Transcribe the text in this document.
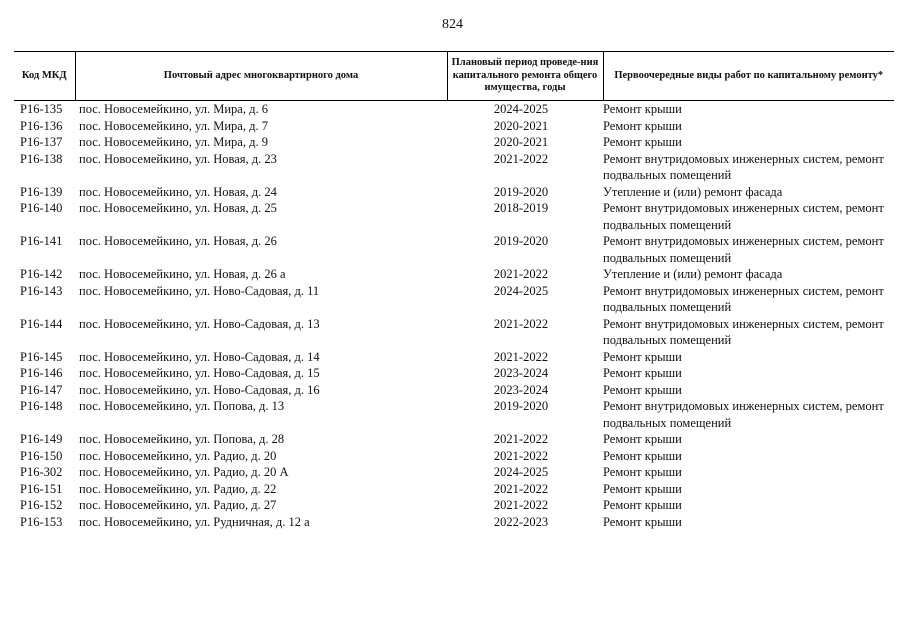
824
Код МКД	Почтовый адрес многоквартирного дома	Плановый период проведе-ния капитального ремонта общего имущества, годы	Первоочередные виды работ по капитальному ремонту*
P16-135	пос. Новосемейкино, ул. Мира, д. 6	2024-2025	Ремонт крыши
P16-136	пос. Новосемейкино, ул. Мира, д. 7	2020-2021	Ремонт крыши
P16-137	пос. Новосемейкино, ул. Мира, д. 9	2020-2021	Ремонт крыши
P16-138	пос. Новосемейкино, ул. Новая, д. 23	2021-2022	Ремонт внутридомовых инженерных систем, ремонт подвальных помещений
P16-139	пос. Новосемейкино, ул. Новая, д. 24	2019-2020	Утепление и (или) ремонт фасада
P16-140	пос. Новосемейкино, ул. Новая, д. 25	2018-2019	Ремонт внутридомовых инженерных систем, ремонт подвальных помещений
P16-141	пос. Новосемейкино, ул. Новая, д. 26	2019-2020	Ремонт внутридомовых инженерных систем, ремонт подвальных помещений
P16-142	пос. Новосемейкино, ул. Новая, д. 26 а	2021-2022	Утепление и (или) ремонт фасада
P16-143	пос. Новосемейкино, ул. Ново-Садовая, д. 11	2024-2025	Ремонт внутридомовых инженерных систем, ремонт подвальных помещений
P16-144	пос. Новосемейкино, ул. Ново-Садовая, д. 13	2021-2022	Ремонт внутридомовых инженерных систем, ремонт подвальных помещений
P16-145	пос. Новосемейкино, ул. Ново-Садовая, д. 14	2021-2022	Ремонт крыши
P16-146	пос. Новосемейкино, ул. Ново-Садовая, д. 15	2023-2024	Ремонт крыши
P16-147	пос. Новосемейкино, ул. Ново-Садовая, д. 16	2023-2024	Ремонт крыши
P16-148	пос. Новосемейкино, ул. Попова, д. 13	2019-2020	Ремонт внутридомовых инженерных систем, ремонт подвальных помещений
P16-149	пос. Новосемейкино, ул. Попова, д. 28	2021-2022	Ремонт крыши
P16-150	пос. Новосемейкино, ул. Радио, д. 20	2021-2022	Ремонт крыши
P16-302	пос. Новосемейкино, ул. Радио, д. 20 А	2024-2025	Ремонт крыши
P16-151	пос. Новосемейкино, ул. Радио, д. 22	2021-2022	Ремонт крыши
P16-152	пос. Новосемейкино, ул. Радио, д. 27	2021-2022	Ремонт крыши
P16-153	пос. Новосемейкино, ул. Рудничная, д. 12 а	2022-2023	Ремонт крыши
